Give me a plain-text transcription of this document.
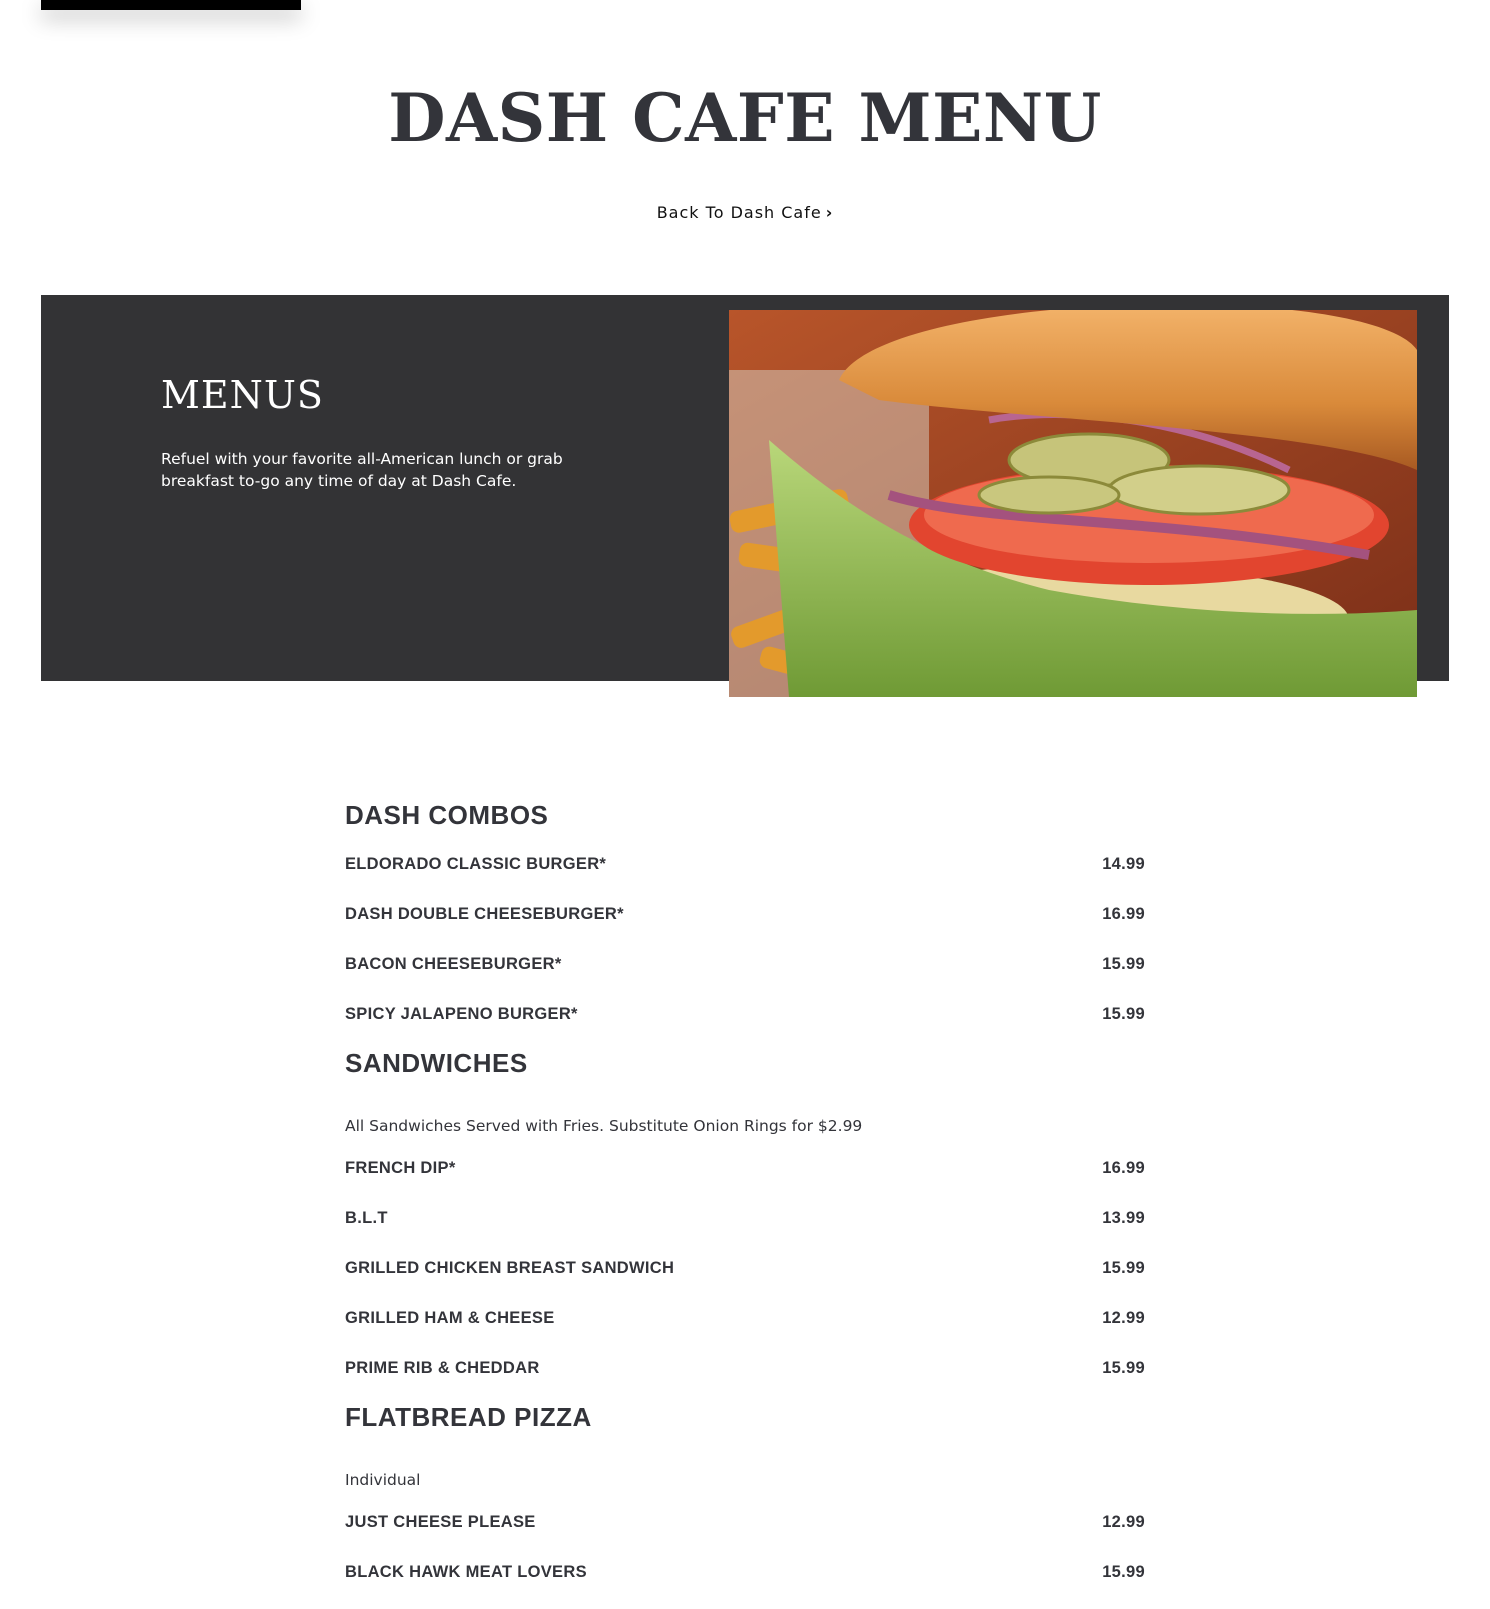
DASH CAFE MENU
Back To Dash Cafe ›
MENUS

Refuel with your favorite all-American lunch or grab breakfast to-go any time of day at Dash Cafe.

DASH COMBOS
ELDORADO CLASSIC BURGER*	14.99
DASH DOUBLE CHEESEBURGER*	16.99
BACON CHEESEBURGER*	15.99
SPICY JALAPENO BURGER*	15.99
SANDWICHES

All Sandwiches Served with Fries. Substitute Onion Rings for $2.99

FRENCH DIP*	16.99
B.L.T	13.99
GRILLED CHICKEN BREAST SANDWICH	15.99
GRILLED HAM & CHEESE	12.99
PRIME RIB & CHEDDAR	15.99
FLATBREAD PIZZA

Individual

JUST CHEESE PLEASE	12.99
BLACK HAWK MEAT LOVERS	15.99
